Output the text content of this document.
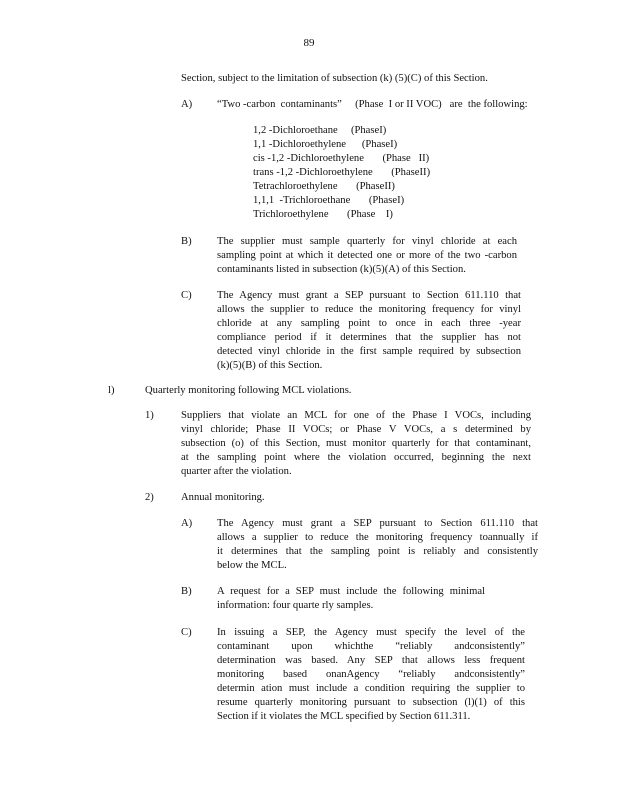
89
Section, subject to the limitation of subsection (k) (5)(C) of this Section.
A) “Two -carbon  contaminants”     (Phase  I or II VOC)   are  the following:
1,2 -Dichloroethane     (PhaseI)
1,1 -Dichloroethylene      (PhaseI)
cis -1,2 -Dichloroethylene       (Phase   II)
trans -1,2 -Dichloroethylene       (PhaseII)
Tetrachloroethylene       (PhaseII)
1,1,1  -Trichloroethane       (PhaseI)
Trichloroethylene       (Phase    I)
B) The supplier must sample quarterly for vinyl chloride at each
sampling point at which it detected one or more of the two -carbon
contaminants listed in subsection (k)(5)(A) of this Section.
C) The Agency must grant a SEP pursuant to Section 611.110 that
allows the supplier to reduce the monitoring frequency for vinyl
chloride at any sampling point to once in each three -year
compliance period if it determines that the supplier has not
detected vinyl chloride in the first sample required by subsection
(k)(5)(B) of this Section.
l)	Quarterly monitoring following MCL violations.
1)	Suppliers that violate an MCL for one of the Phase I VOCs, including
vinyl chloride; Phase II VOCs; or Phase V VOCs, a s determined by
subsection (o) of this Section, must monitor quarterly for that contaminant,
at the sampling point where the violation occurred, beginning the next
quarter after the violation.
2)	Annual monitoring.
A) The Agency must grant a SEP pursuant to Section 611.110 that
allows a supplier to reduce the monitoring frequency toannually if
it determines that the sampling point is reliably and consistently
below the MCL.
B) A request for a SEP must include the following minimal
information: four quarte rly samples.
C) In issuing a SEP, the Agency must specify the level of the
contaminant upon whichthe “reliably andconsistently”
determination was based. Any SEP that allows less frequent
monitoring based onanAgency “reliably andconsistently”
determin ation must include a condition requiring the supplier to
resume quarterly monitoring pursuant to subsection (l)(1) of this
Section if it violates the MCL specified by Section 611.311.
